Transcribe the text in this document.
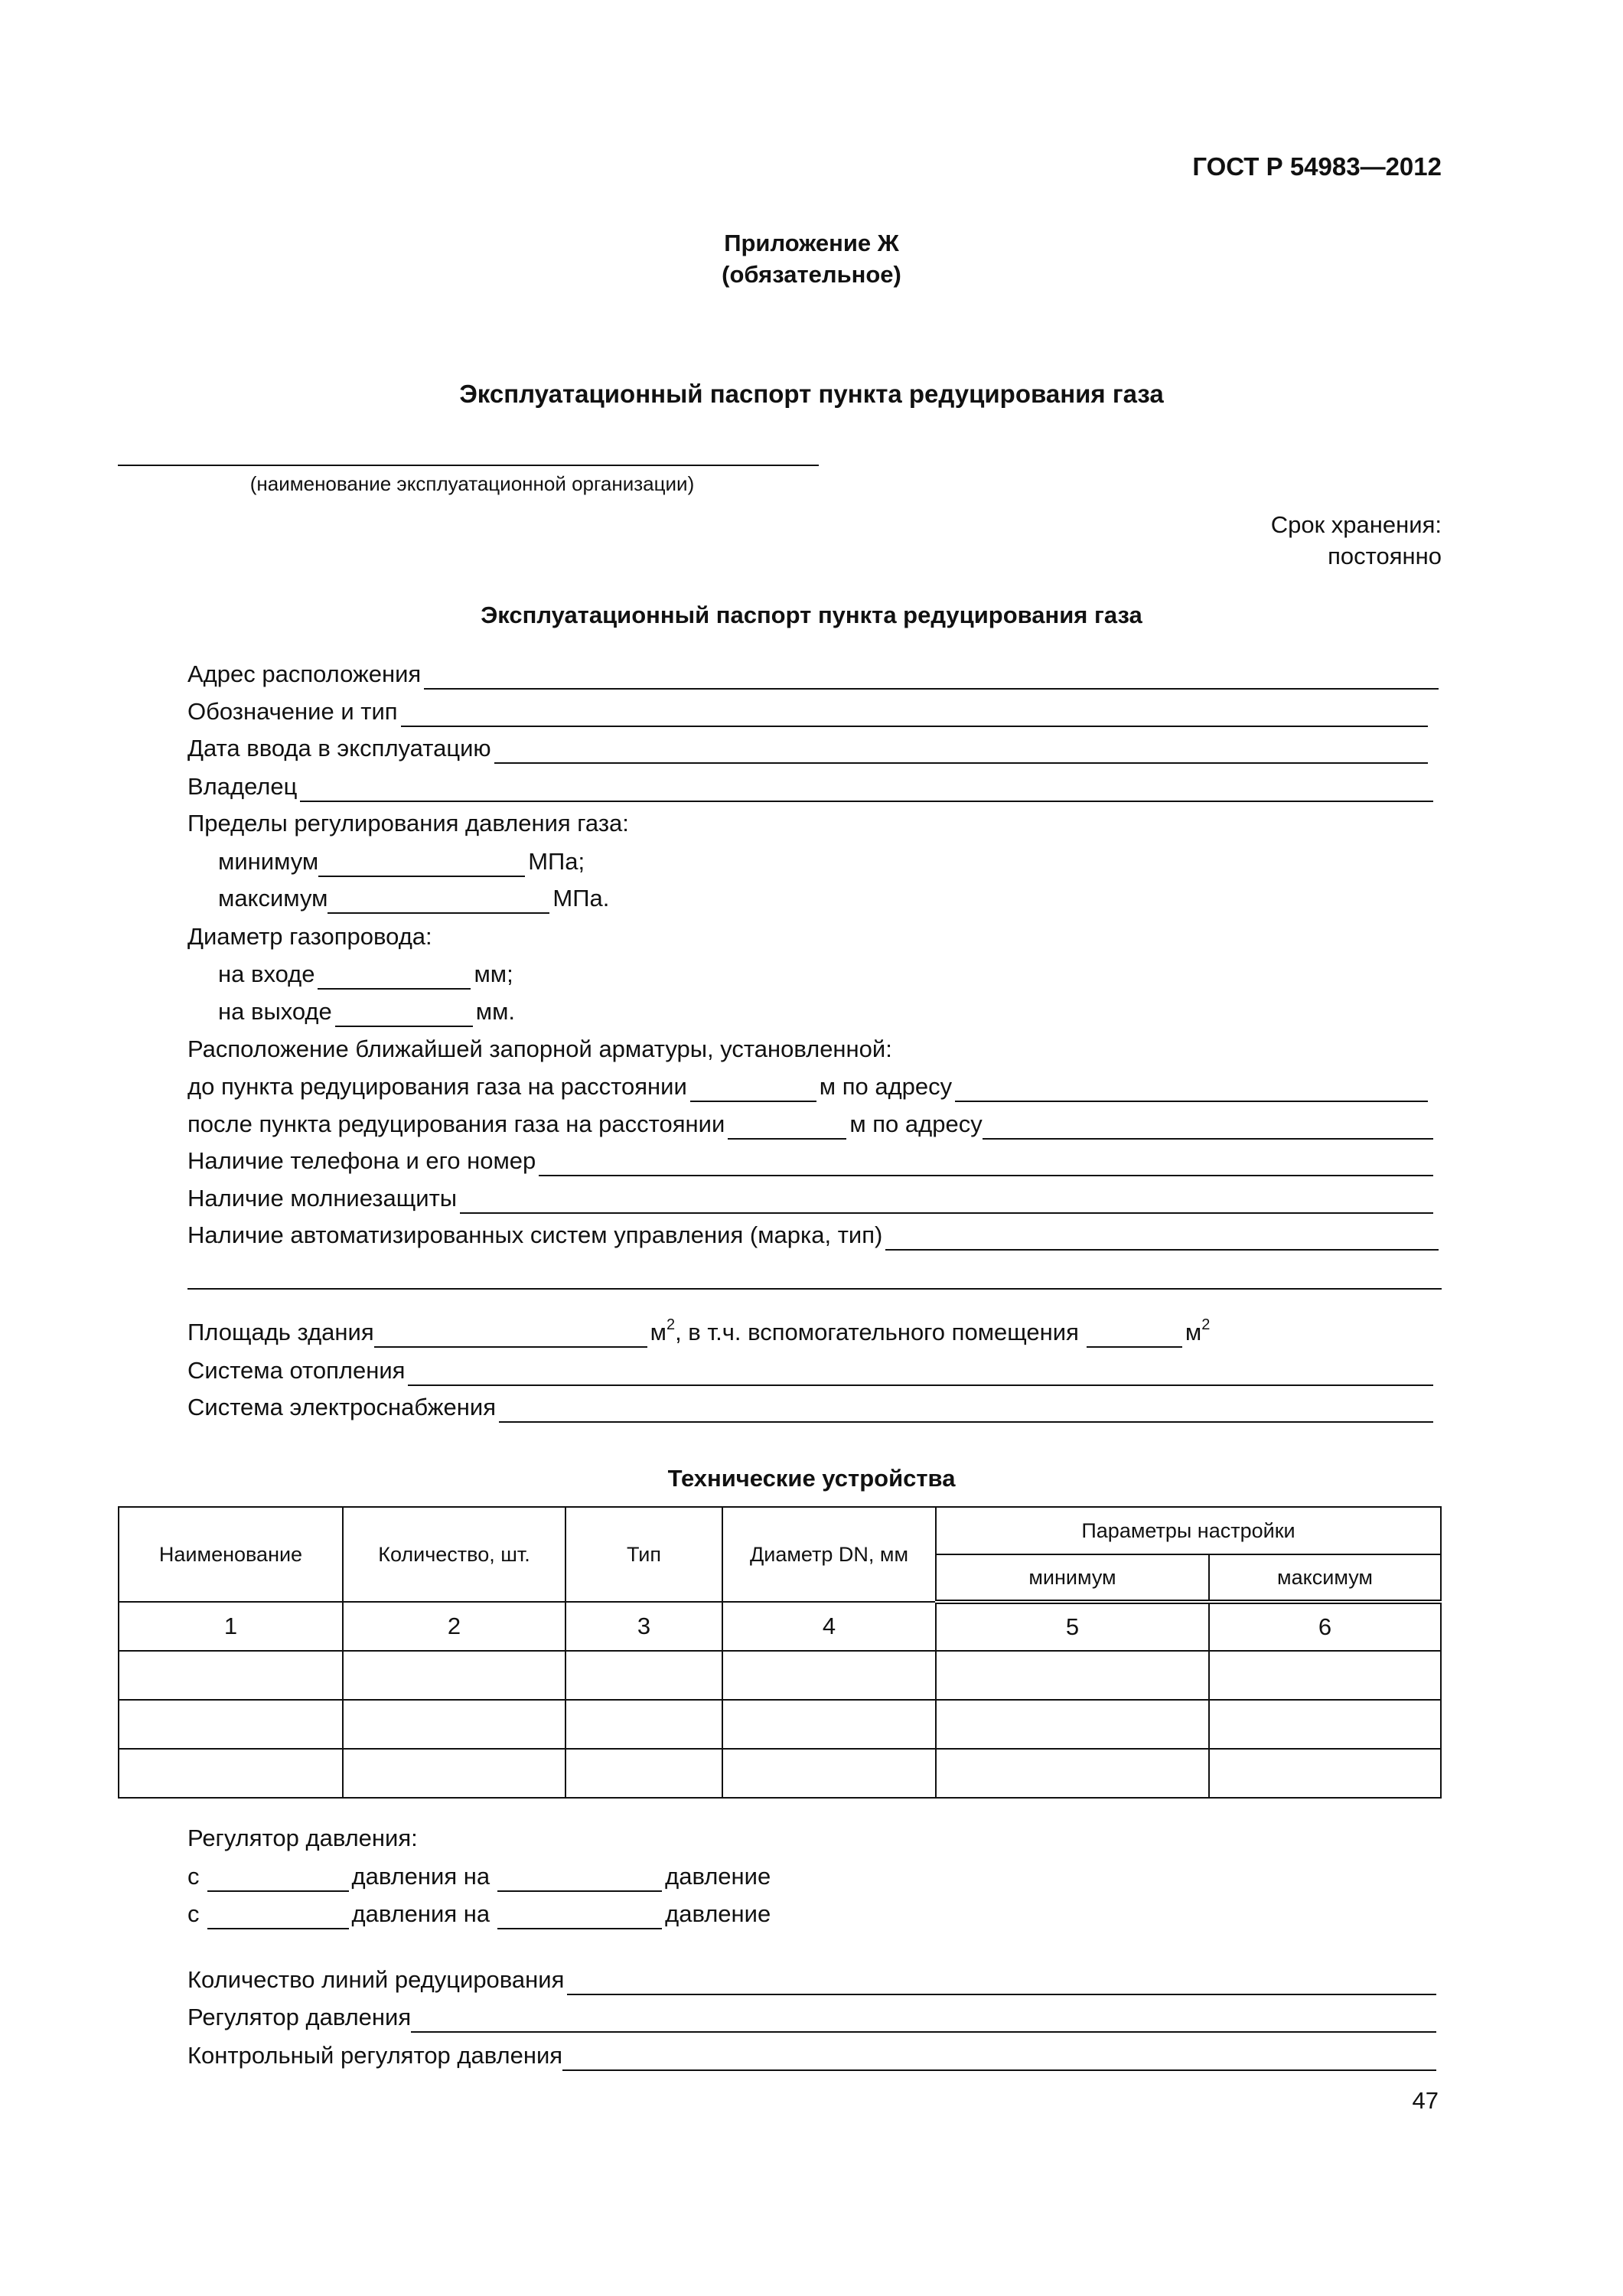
ГОСТ Р 54983—2012
Приложение Ж
(обязательное)
Эксплуатационный паспорт пункта редуцирования газа
(наименование эксплуатационной организации)
Срок хранения:
постоянно
Эксплуатационный паспорт пункта редуцирования газа
Адрес расположения
Обозначение и тип
Дата ввода в эксплуатацию
Владелец
Пределы регулирования давления газа:
минимум	МПа;
максимум	МПа.
Диаметр газопровода:
на входе	мм;
на выходе	мм.
Расположение ближайшей запорной арматуры, установленной:
до пункта редуцирования газа на расстоянии	м по адресу
после пункта редуцирования газа на расстоянии	м по адресу
Наличие телефона и его номер
Наличие молниезащиты
Наличие автоматизированных систем управления (марка, тип)
Площадь здания	$м^2$ , в т.ч. вспомогательного помещения	$м^2$
Система отопления
Система электроснабжения
Технические устройства
Наименование	Количество, шт.	Тип	Диаметр DN, мм	Параметры настройки	
				минимум	максимум
1	2	3	4	5	6

Регулятор давления:
с	давления на	давление
с	давления на	давление
Количество линий редуцирования
Регулятор давления
Контрольный регулятор давления
47
